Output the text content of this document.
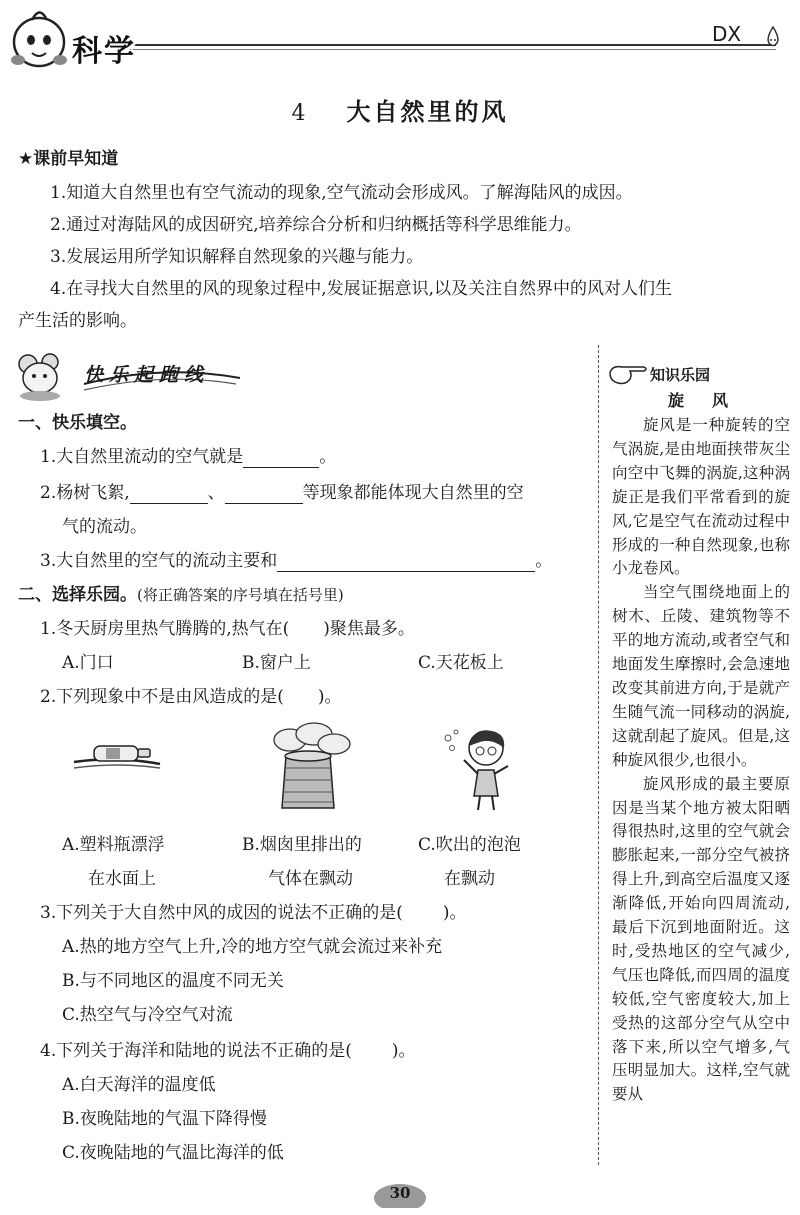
科学	DX
4 大自然里的风
★课前早知道
1.知道大自然里也有空气流动的现象,空气流动会形成风。了解海陆风的成因。
2.通过对海陆风的成因研究,培养综合分析和归纳概括等科学思维能力。
3.发展运用所学知识解释自然现象的兴趣与能力。
4.在寻找大自然里的风的现象过程中,发展证据意识,以及关注自然界中的风对人们生
产生活的影响。
快乐起跑线
一、快乐填空。
1.大自然里流动的空气就是	。
2.杨树飞絮,	、	等现象都能体现大自然里的空
气的流动。
3.大自然里的空气的流动主要和	。
二、选择乐园。(将正确答案的序号填在括号里)
1.冬天厨房里热气腾腾的,热气在( )聚焦最多。
A.门口	B.窗户上	C.天花板上
2.下列现象中不是由风造成的是( )。
A.塑料瓶漂浮
在水面上
B.烟囱里排出的
气体在飘动
C.吹出的泡泡
在飘动
3.下列关于大自然中风的成因的说法不正确的是( )。
A.热的地方空气上升,冷的地方空气就会流过来补充
B.与不同地区的温度不同无关
C.热空气与冷空气对流
4.下列关于海洋和陆地的说法不正确的是( )。
A.白天海洋的温度低
B.夜晚陆地的气温下降得慢
C.夜晚陆地的气温比海洋的低
知识乐园
旋　风

旋风是一种旋转的空气涡旋,是由地面挟带灰尘向空中飞舞的涡旋,这种涡旋正是我们平常看到的旋风,它是空气在流动过程中形成的一种自然现象,也称小龙卷风。

当空气围绕地面上的树木、丘陵、建筑物等不平的地方流动,或者空气和地面发生摩擦时,会急速地改变其前进方向,于是就产生随气流一同移动的涡旋,这就刮起了旋风。但是,这种旋风很少,也很小。

旋风形成的最主要原因是当某个地方被太阳晒得很热时,这里的空气就会膨胀起来,一部分空气被挤得上升,到高空后温度又逐渐降低,开始向四周流动,最后下沉到地面附近。这时,受热地区的空气减少,气压也降低,而四周的温度较低,空气密度较大,加上受热的这部分空气从空中落下来,所以空气增多,气压明显加大。这样,空气就要从

30
